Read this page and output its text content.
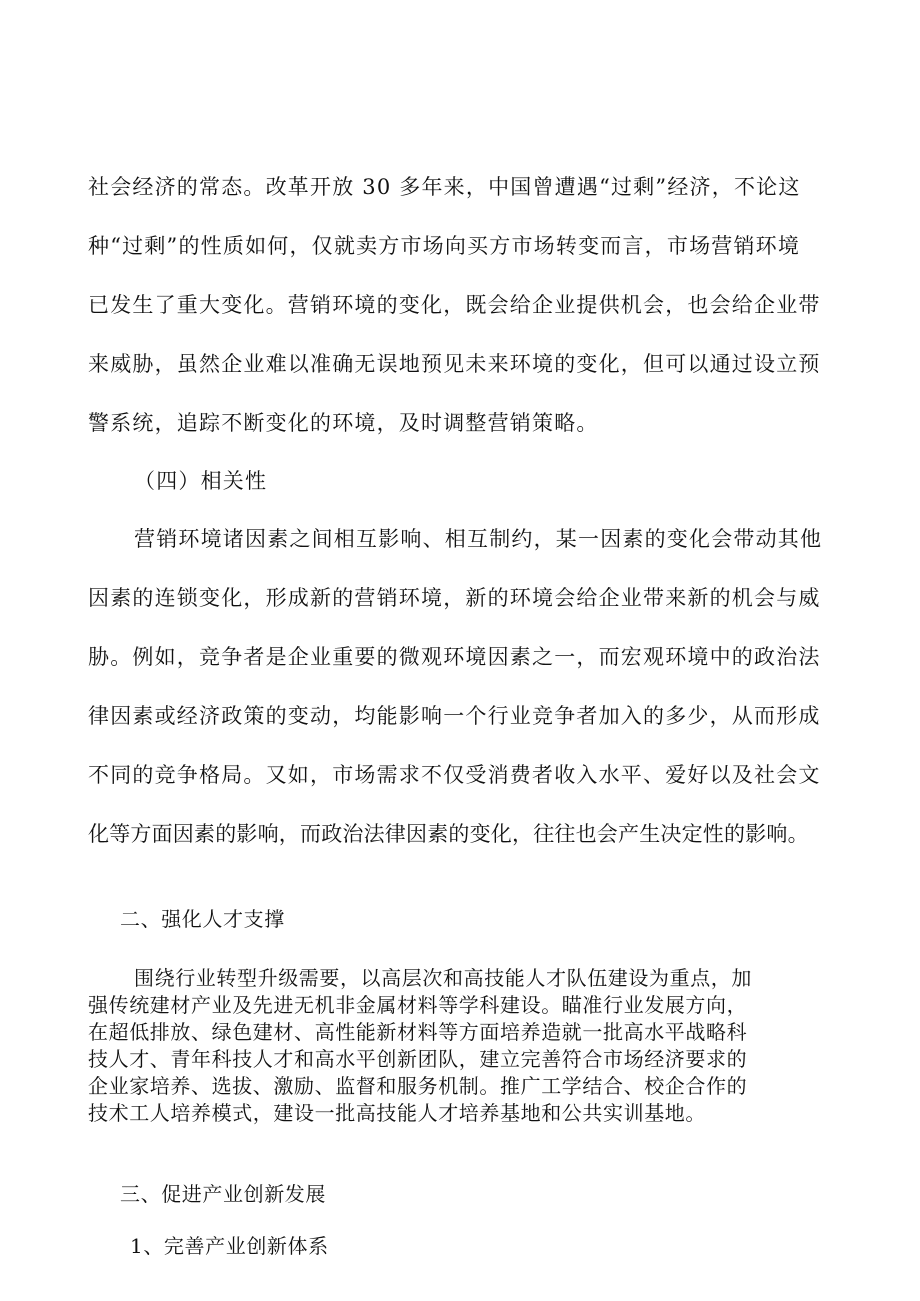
社会经济的常态。改革开放 30 多年来，中国曾遭遇“过剩”经济，不论这
种“过剩”的性质如何，仅就卖方市场向买方市场转变而言，市场营销环境
已发生了重大变化。营销环境的变化，既会给企业提供机会，也会给企业带
来威胁，虽然企业难以准确无误地预见未来环境的变化，但可以通过设立预
警系统，追踪不断变化的环境，及时调整营销策略。
（四）相关性
营销环境诸因素之间相互影响、相互制约，某一因素的变化会带动其他
因素的连锁变化，形成新的营销环境，新的环境会给企业带来新的机会与威
胁。例如，竞争者是企业重要的微观环境因素之一，而宏观环境中的政治法
律因素或经济政策的变动，均能影响一个行业竞争者加入的多少，从而形成
不同的竞争格局。又如，市场需求不仅受消费者收入水平、爱好以及社会文
化等方面因素的影响，而政治法律因素的变化，往往也会产生决定性的影响。
二、强化人才支撑
围绕行业转型升级需要，以高层次和高技能人才队伍建设为重点，加
强传统建材产业及先进无机非金属材料等学科建设。瞄准行业发展方向，
在超低排放、绿色建材、高性能新材料等方面培养造就一批高水平战略科
技人才、青年科技人才和高水平创新团队，建立完善符合市场经济要求的
企业家培养、选拔、激励、监督和服务机制。推广工学结合、校企合作的
技术工人培养模式，建设一批高技能人才培养基地和公共实训基地。
三、促进产业创新发展
1、完善产业创新体系
